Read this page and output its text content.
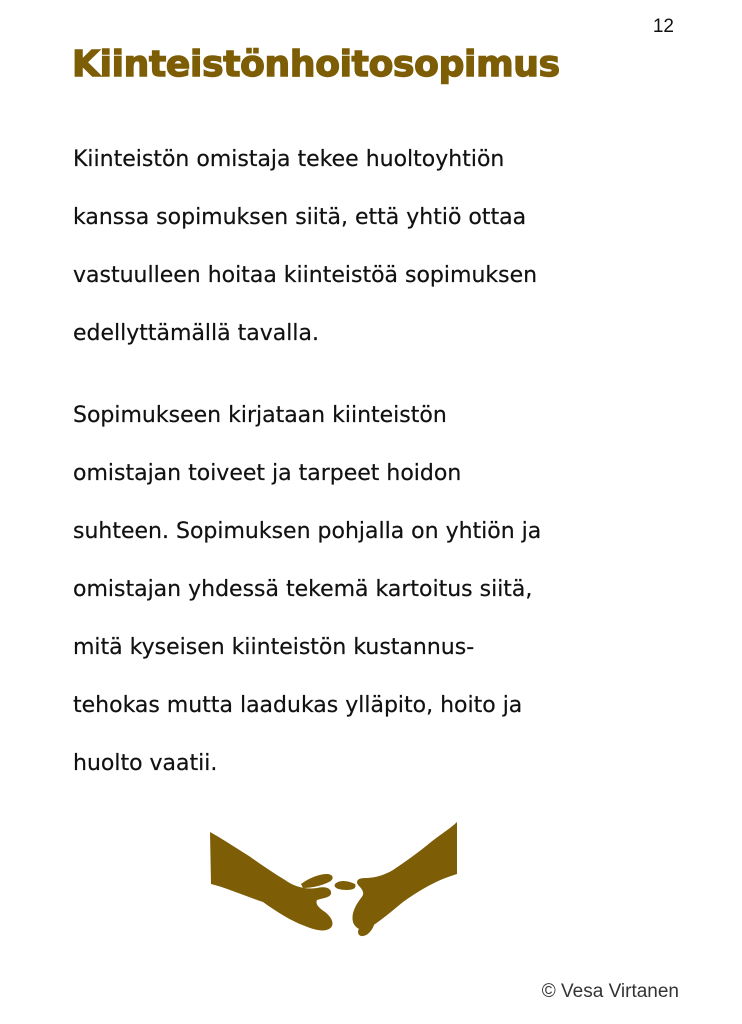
12
Kiinteistönhoitosopimus
Kiinteistön omistaja tekee huoltoyhtiön
kanssa sopimuksen siitä, että yhtiö ottaa
vastuulleen hoitaa kiinteistöä sopimuksen
edellyttämällä tavalla.
Sopimukseen kirjataan kiinteistön
omistajan toiveet ja tarpeet hoidon
suhteen. Sopimuksen pohjalla on yhtiön ja
omistajan yhdessä tekemä kartoitus siitä,
mitä kyseisen kiinteistön kustannus-
tehokas mutta laadukas ylläpito, hoito ja
huolto vaatii.
© Vesa Virtanen
